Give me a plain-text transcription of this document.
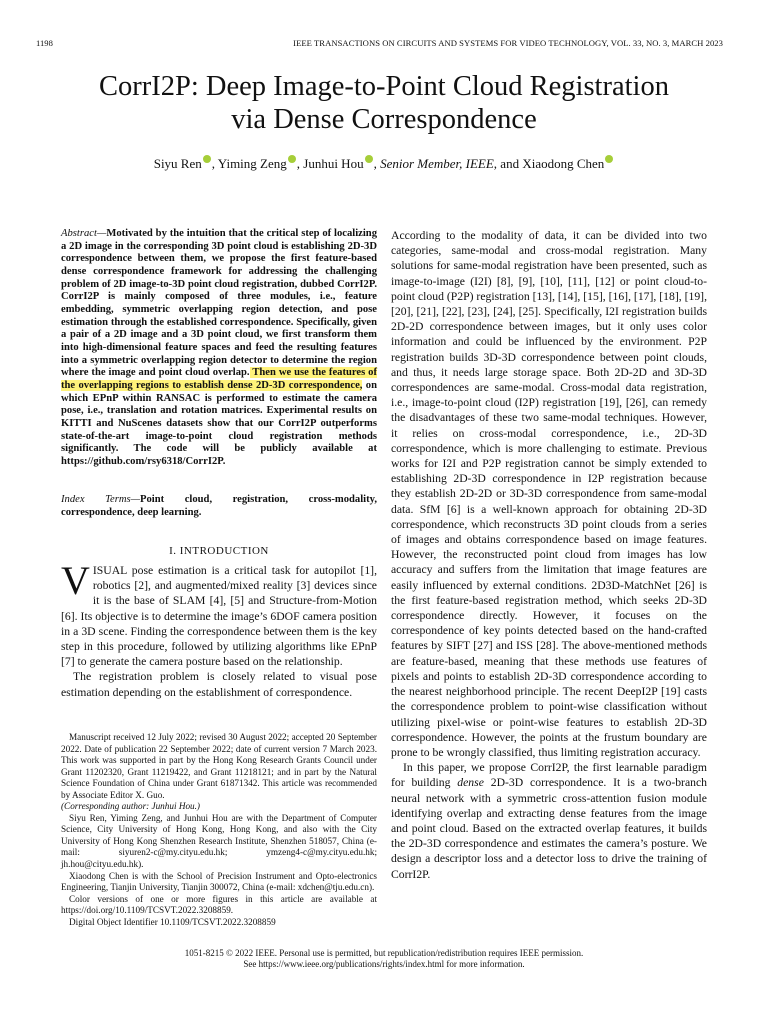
1198	IEEE TRANSACTIONS ON CIRCUITS AND SYSTEMS FOR VIDEO TECHNOLOGY, VOL. 33, NO. 3, MARCH 2023
CorrI2P: Deep Image-to-Point Cloud Registration
via Dense Correspondence
Siyu Ren , Yiming Zeng , Junhui Hou , Senior Member, IEEE, and Xiaodong Chen
Abstract—Motivated by the intuition that the critical step of localizing a 2D image in the corresponding 3D point cloud is establishing 2D-3D correspondence between them, we propose the first feature-based dense correspondence framework for addressing the challenging problem of 2D image-to-3D point cloud registration, dubbed CorrI2P. CorrI2P is mainly composed of three modules, i.e., feature embedding, symmetric overlapping region detection, and pose estimation through the established correspondence. Specifically, given a pair of a 2D image and a 3D point cloud, we first transform them into high-dimensional feature spaces and feed the resulting features into a symmetric overlapping region detector to determine the region where the image and point cloud overlap. Then we use the features of the overlapping regions to establish dense 2D-3D correspondence, on which EPnP within RANSAC is performed to estimate the camera pose, i.e., translation and rotation matrices. Experimental results on KITTI and NuScenes datasets show that our CorrI2P outperforms state-of-the-art image-to-point cloud registration methods significantly. The code will be publicly available at https://github.com/rsy6318/CorrI2P.
Index Terms—Point cloud, registration, cross-modality, correspondence, deep learning.
I. INTRODUCTION

VISUAL pose estimation is a critical task for autopilot [1], robotics [2], and augmented/mixed reality [3] devices since it is the base of SLAM [4], [5] and Structure-from-Motion [6]. Its objective is to determine the image’s 6DOF camera position in a 3D scene. Finding the correspondence between them is the key step in this procedure, followed by utilizing algorithms like EPnP [7] to generate the camera posture based on the relationship.

The registration problem is closely related to visual pose estimation depending on the establishment of correspondence.

Manuscript received 12 July 2022; revised 30 August 2022; accepted 20 September 2022. Date of publication 22 September 2022; date of current version 7 March 2023. This work was supported in part by the Hong Kong Research Grants Council under Grant 11202320, Grant 11219422, and Grant 11218121; and in part by the Natural Science Foundation of China under Grant 61871342. This article was recommended by Associate Editor X. Guo.
(Corresponding author: Junhui Hou.)

Siyu Ren, Yiming Zeng, and Junhui Hou are with the Department of Computer Science, City University of Hong Kong, Hong Kong, and also with the City University of Hong Kong Shenzhen Research Institute, Shenzhen 518057, China (e-mail: siyuren2-c@my.cityu.edu.hk; ymzeng4-c@my.cityu.edu.hk; jh.hou@cityu.edu.hk).

Xiaodong Chen is with the School of Precision Instrument and Opto-electronics Engineering, Tianjin University, Tianjin 300072, China (e-mail: xdchen@tju.edu.cn).

Color versions of one or more figures in this article are available at https://doi.org/10.1109/TCSVT.2022.3208859.

Digital Object Identifier 10.1109/TCSVT.2022.3208859

According to the modality of data, it can be divided into two categories, same-modal and cross-modal registration. Many solutions for same-modal registration have been presented, such as image-to-image (I2I) [8], [9], [10], [11], [12] or point cloud-to-point cloud (P2P) registration [13], [14], [15], [16], [17], [18], [19], [20], [21], [22], [23], [24], [25]. Specifically, I2I registration builds 2D-2D correspondence between images, but it only uses color information and could be influenced by the environment. P2P registration builds 3D-3D correspondence between point clouds, and thus, it needs large storage space. Both 2D-2D and 3D-3D correspondences are same-modal. Cross-modal data registration, i.e., image-to-point cloud (I2P) registration [19], [26], can remedy the disadvantages of these two same-modal techniques. However, it relies on cross-modal correspondence, i.e., 2D-3D correspondence, which is more challenging to estimate. Previous works for I2I and P2P registration cannot be simply extended to establishing 2D-3D correspondence in I2P registration because they establish 2D-2D or 3D-3D correspondence from same-modal data. SfM [6] is a well-known approach for obtaining 2D-3D correspondence, which reconstructs 3D point clouds from a series of images and obtains correspondence based on image features. However, the reconstructed point cloud from images has low accuracy and suffers from the limitation that image features are easily influenced by external conditions. 2D3D-MatchNet [26] is the first feature-based registration method, which seeks 2D-3D correspondence directly. However, it focuses on the correspondence of key points detected based on the hand-crafted features by SIFT [27] and ISS [28]. The above-mentioned methods are feature-based, meaning that these methods use features of pixels and points to establish 2D-3D correspondence according to the nearest neighborhood principle. The recent DeepI2P [19] casts the correspondence problem to point-wise classification without utilizing pixel-wise or point-wise features to establish 2D-3D correspondence. However, the points at the frustum boundary are prone to be wrongly classified, thus limiting registration accuracy.

In this paper, we propose CorrI2P, the first learnable paradigm for building dense 2D-3D correspondence. It is a two-branch neural network with a symmetric cross-attention fusion module identifying overlap and extracting dense features from the image and point cloud. Based on the extracted overlap features, it builds the 2D-3D correspondence and estimates the camera’s posture. We design a descriptor loss and a detector loss to drive the training of CorrI2P.

1051-8215 © 2022 IEEE. Personal use is permitted, but republication/redistribution requires IEEE permission.
See https://www.ieee.org/publications/rights/index.html for more information.
